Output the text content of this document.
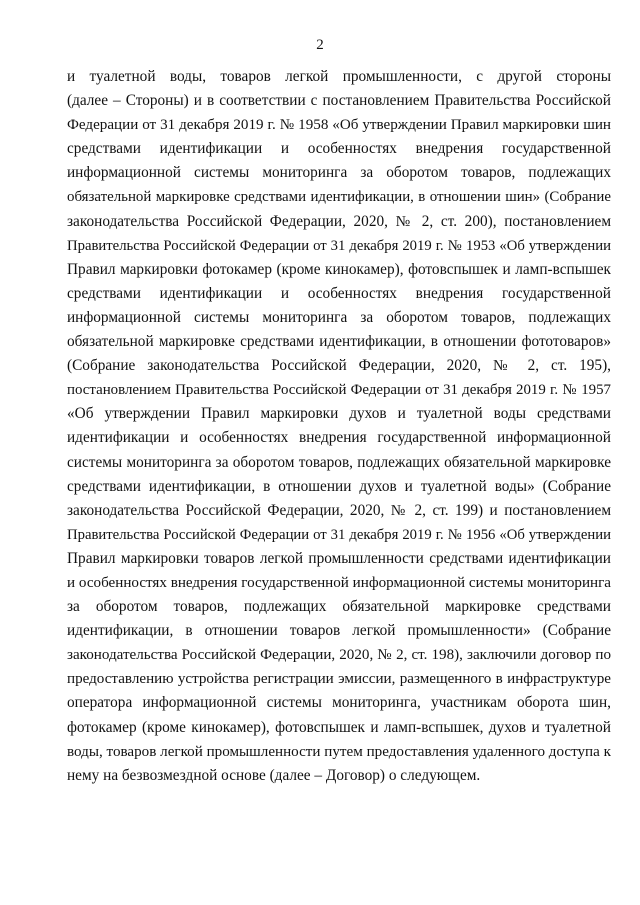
2
и туалетной воды, товаров легкой промышленности, с другой стороны
(далее – Стороны) и в соответствии с постановлением Правительства Российской
Федерации от 31 декабря 2019 г. № 1958 «Об утверждении Правил маркировки шин
средствами идентификации и особенностях внедрения государственной
информационной системы мониторинга за оборотом товаров, подлежащих
обязательной маркировке средствами идентификации, в отношении шин» (Собрание
законодательства Российской Федерации, 2020, № 2, ст. 200), постановлением
Правительства Российской Федерации от 31 декабря 2019 г. № 1953 «Об утверждении
Правил маркировки фотокамер (кроме кинокамер), фотовспышек и ламп-вспышек
средствами идентификации и особенностях внедрения государственной
информационной системы мониторинга за оборотом товаров, подлежащих
обязательной маркировке средствами идентификации, в отношении фототоваров»
(Собрание законодательства Российской Федерации, 2020, № 2, ст. 195),
постановлением Правительства Российской Федерации от 31 декабря 2019 г. № 1957
«Об утверждении Правил маркировки духов и туалетной воды средствами
идентификации и особенностях внедрения государственной информационной
системы мониторинга за оборотом товаров, подлежащих обязательной маркировке
средствами идентификации, в отношении духов и туалетной воды» (Собрание
законодательства Российской Федерации, 2020, № 2, ст. 199) и постановлением
Правительства Российской Федерации от 31 декабря 2019 г. № 1956 «Об утверждении
Правил маркировки товаров легкой промышленности средствами идентификации
и особенностях внедрения государственной информационной системы мониторинга
за оборотом товаров, подлежащих обязательной маркировке средствами
идентификации, в отношении товаров легкой промышленности» (Собрание
законодательства Российской Федерации, 2020, № 2, ст. 198), заключили договор по
предоставлению устройства регистрации эмиссии, размещенного в инфраструктуре
оператора информационной системы мониторинга, участникам оборота шин,
фотокамер (кроме кинокамер), фотовспышек и ламп-вспышек, духов и туалетной
воды, товаров легкой промышленности путем предоставления удаленного доступа к
нему на безвозмездной основе (далее – Договор) о следующем.
